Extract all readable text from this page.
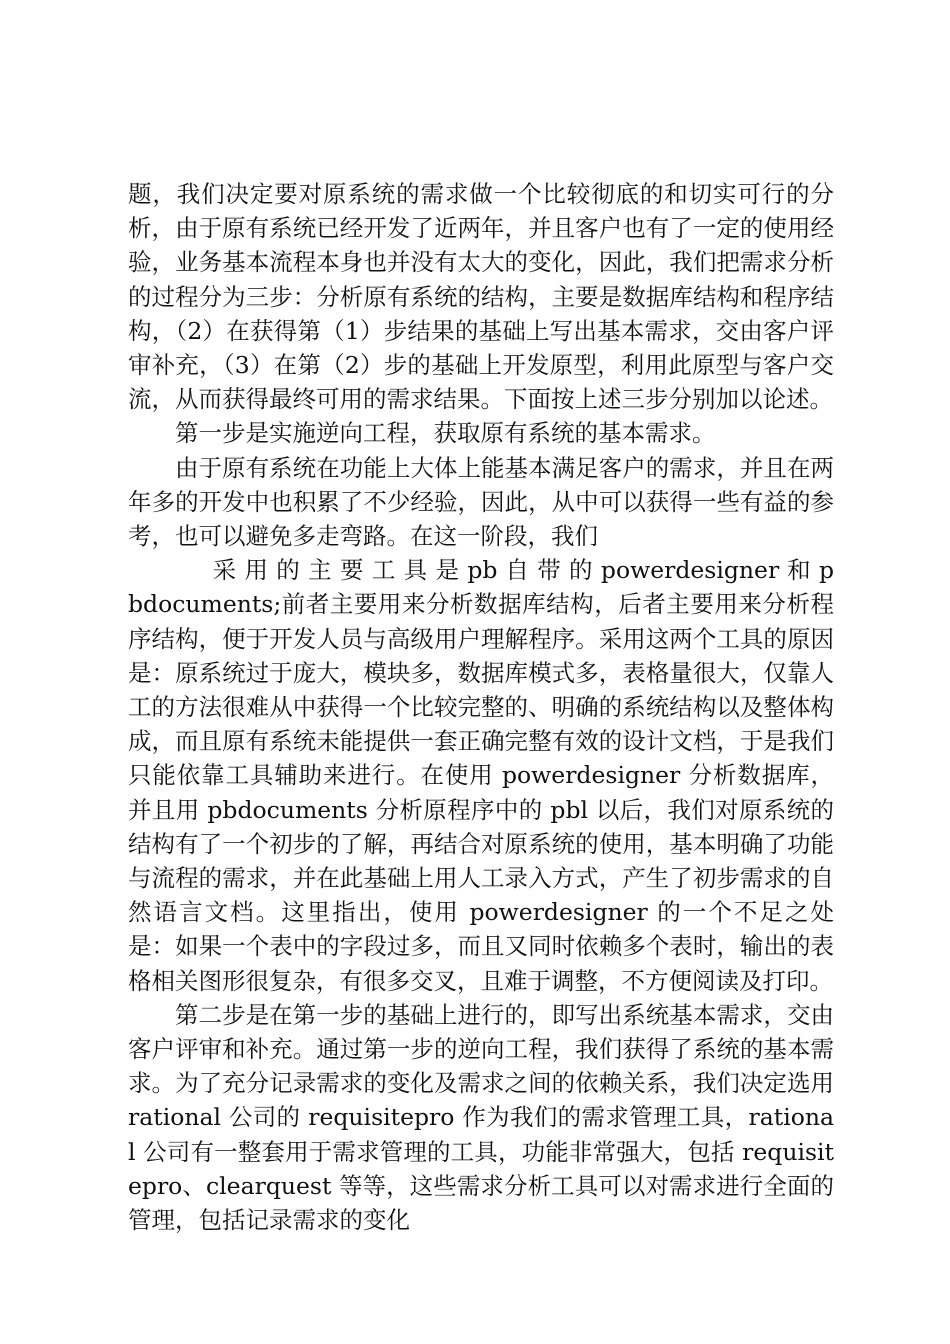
题，我们决定要对原系统的需求做一个比较彻底的和切实可行的分析，由于原有系统已经开发了近两年，并且客户也有了一定的使用经验，业务基本流程本身也并没有太大的变化，因此，我们把需求分析的过程分为三步：分析原有系统的结构，主要是数据库结构和程序结构，（2）在获得第（1）步结果的基础上写出基本需求，交由客户评审补充，（3）在第（2）步的基础上开发原型，利用此原型与客户交流，从而获得最终可用的需求结果。下面按上述三步分别加以论述。

第一步是实施逆向工程，获取原有系统的基本需求。

由于原有系统在功能上大体上能基本满足客户的需求，并且在两年多的开发中也积累了不少经验，因此，从中可以获得一些有益的参考，也可以避免多走弯路。在这一阶段，我们

采 用 的 主 要 工 具 是 pb 自 带 的 powerdesigner 和 pbdocuments;前者主要用来分析数据库结构，后者主要用来分析程序结构，便于开发人员与高级用户理解程序。采用这两个工具的原因是：原系统过于庞大，模块多，数据库模式多，表格量很大，仅靠人工的方法很难从中获得一个比较完整的、明确的系统结构以及整体构成，而且原有系统未能提供一套正确完整有效的设计文档，于是我们只能依靠工具辅助来进行。在使用 powerdesigner 分析数据库，并且用 pbdocuments 分析原程序中的 pbl 以后，我们对原系统的结构有了一个初步的了解，再结合对原系统的使用，基本明确了功能与流程的需求，并在此基础上用人工录入方式，产生了初步需求的自然语言文档。这里指出，使用 powerdesigner 的一个不足之处是：如果一个表中的字段过多，而且又同时依赖多个表时，输出的表格相关图形很复杂，有很多交叉，且难于调整，不方便阅读及打印。

第二步是在第一步的基础上进行的，即写出系统基本需求，交由客户评审和补充。通过第一步的逆向工程，我们获得了系统的基本需求。为了充分记录需求的变化及需求之间的依赖关系，我们决定选用 rational 公司的 requisitepro 作为我们的需求管理工具，rational 公司有一整套用于需求管理的工具，功能非常强大，包括 requisitepro、clearquest 等等，这些需求分析工具可以对需求进行全面的管理，包括记录需求的变化
